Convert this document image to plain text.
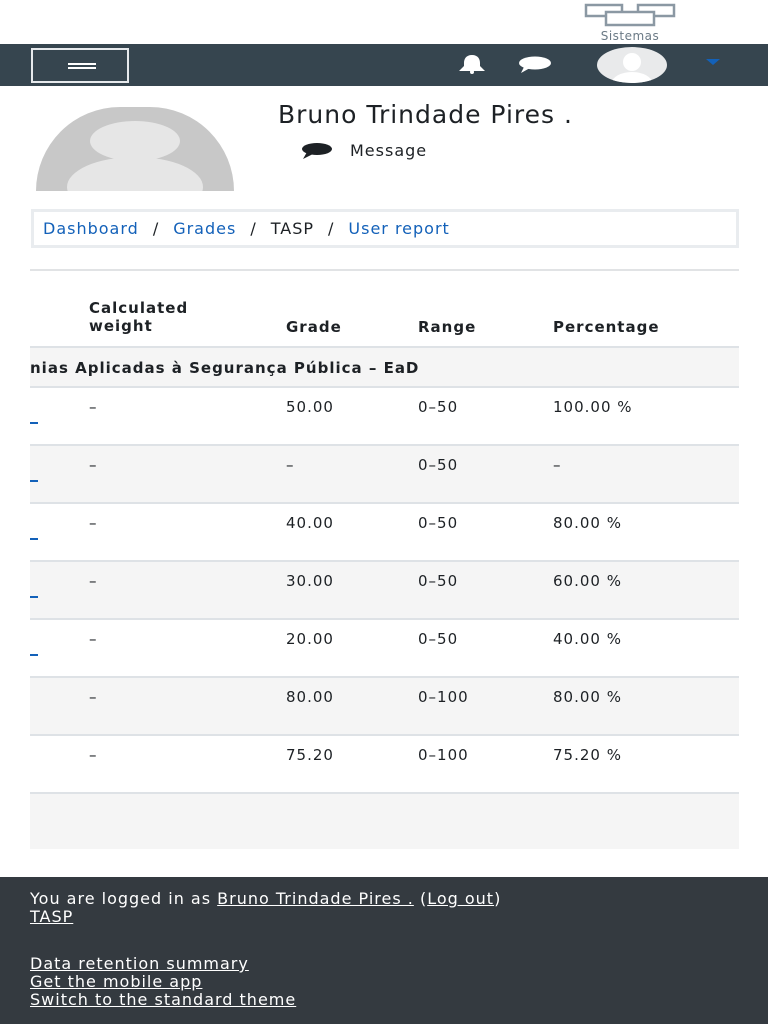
Sistemas
Bruno Trindade Pires .
Message
Dashboard / Grades / TASP / User report
Calculated
weight	Grade	Range	Percentage
nias Aplicadas à Segurança Pública – EaD
–	50.00	0–50	100.00 %
–	–	0–50	–
–	40.00	0–50	80.00 %
–	30.00	0–50	60.00 %
–	20.00	0–50	40.00 %
–	80.00	0–100	80.00 %
–	75.20	0–100	75.20 %
You are logged in as Bruno Trindade Pires . (Log out)
TASP
Data retention summary
Get the mobile app
Switch to the standard theme
